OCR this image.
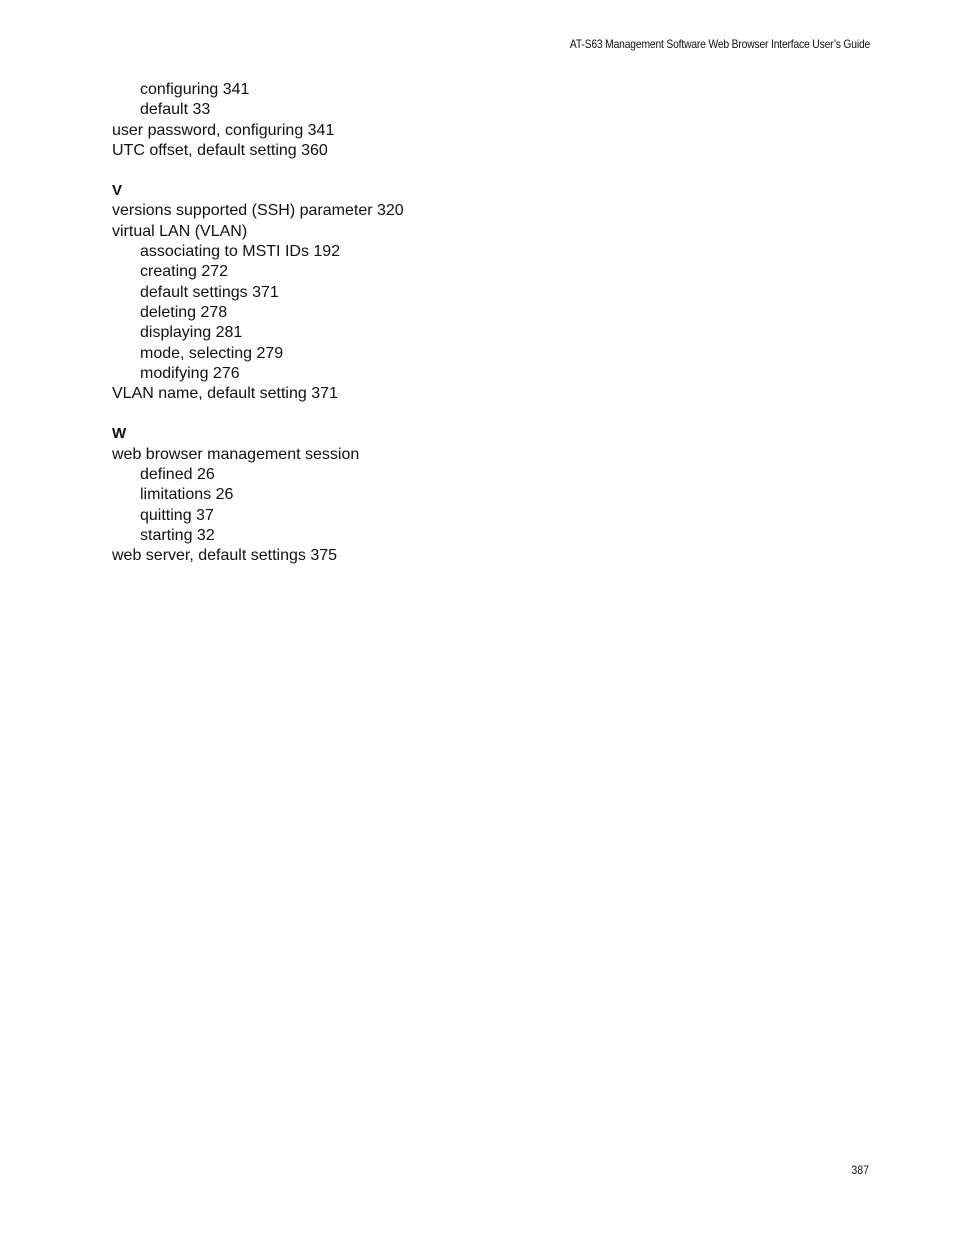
AT-S63 Management Software Web Browser Interface User’s Guide
configuring 341
default 33
user password, configuring 341
UTC offset, default setting 360
V
versions supported (SSH) parameter 320
virtual LAN (VLAN)
associating to MSTI IDs 192
creating 272
default settings 371
deleting 278
displaying 281
mode, selecting 279
modifying 276
VLAN name, default setting 371
W
web browser management session
defined 26
limitations 26
quitting 37
starting 32
web server, default settings 375
387
